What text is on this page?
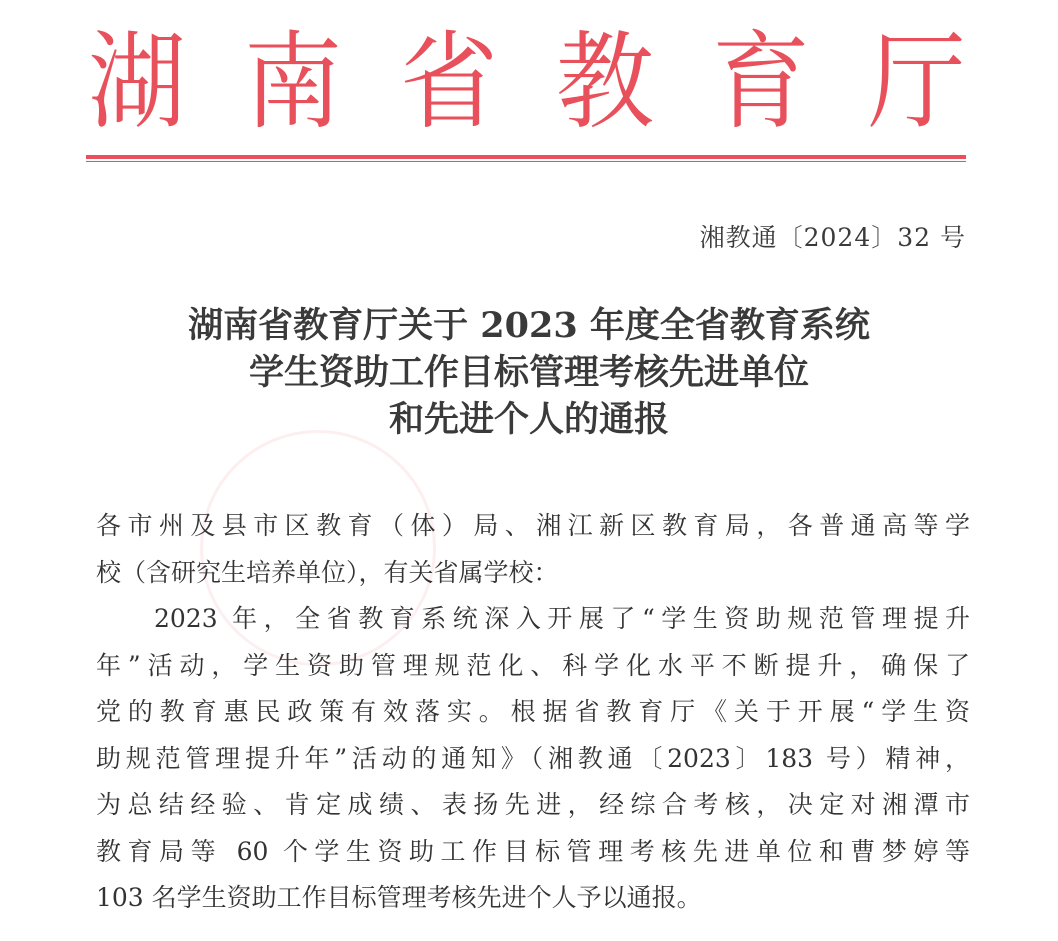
湖 南 省 教 育 厅
湘教通〔2024〕32 号
湖南省教育厅关于 2023 年度全省教育系统
学生资助工作目标管理考核先进单位
和先进个人的通报

各市州及县市区教育（体）局、湘江新区教育局，各普通高等学
校（含研究生培养单位），有关省属学校：

2023 年，全省教育系统深入开展了“学生资助规范管理提升
年”活动，学生资助管理规范化、科学化水平不断提升，确保了
党的教育惠民政策有效落实。根据省教育厅《关于开展“学生资
助规范管理提升年”活动的通知》（湘教通〔2023〕183 号）精神，
为总结经验、肯定成绩、表扬先进，经综合考核，决定对湘潭市
教育局等 60 个学生资助工作目标管理考核先进单位和曹梦婷等
103 名学生资助工作目标管理考核先进个人予以通报。
